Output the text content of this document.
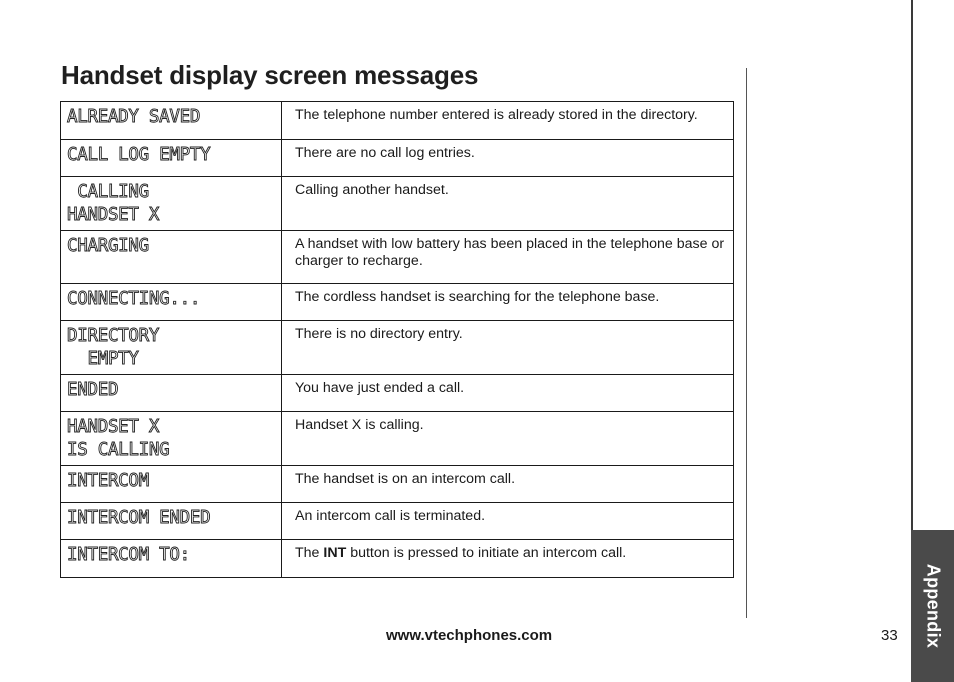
Handset display screen messages
ALREADY SAVED	The telephone number entered is already stored in the directory.

CALL LOG EMPTY	There are no call log entries.

CALLING
HANDSET X	Calling another handset.

CHARGING	A handset with low battery has been placed in the telephone base or charger to recharge.

CONNECTING...	The cordless handset is searching for the telephone base.

DIRECTORY
EMPTY	There is no directory entry.

ENDED	You have just ended a call.

HANDSET X
IS CALLING	Handset X is calling.

INTERCOM	The handset is on an intercom call.

INTERCOM ENDED	An intercom call is terminated.

INTERCOM TO:	The INT button is pressed to initiate an intercom call.
Appendix
www.vtechphones.com	33
